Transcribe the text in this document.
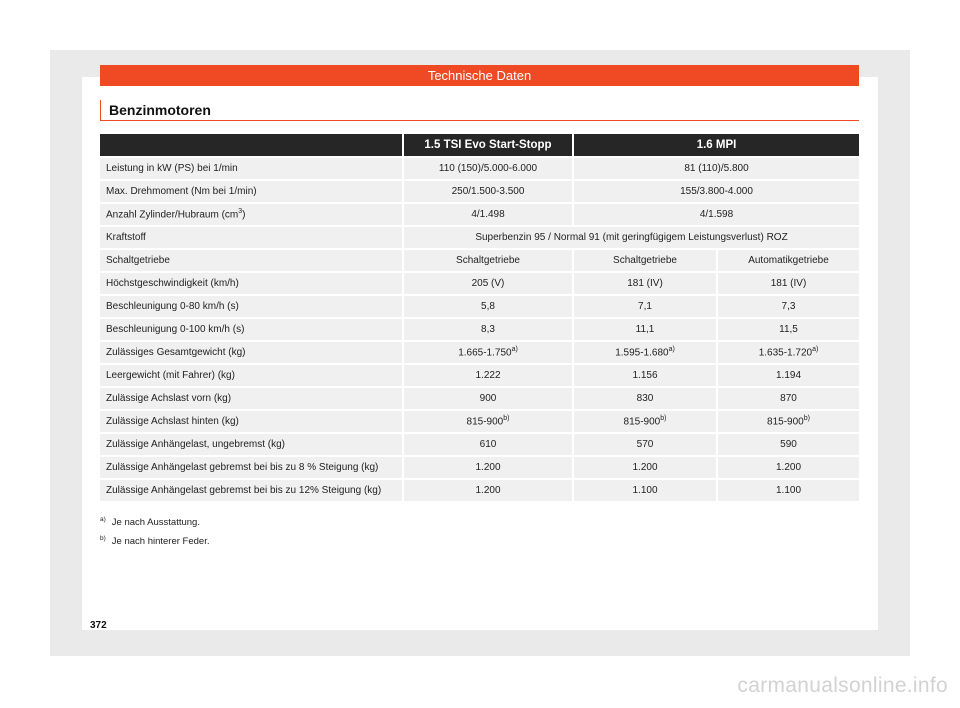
Technische Daten
Benzinmotoren
	1.5 TSI Evo Start-Stopp	1.6 MPI	
Leistung in kW (PS) bei 1/min	110 (150)/5.000-6.000	81 (110)/5.800	
Max. Drehmoment (Nm bei 1/min)	250/1.500-3.500	155/3.800-4.000	
Anzahl Zylinder/Hubraum $(cm^3)$	4/1.498	4/1.598	
Kraftstoff	Superbenzin 95 / Normal 91 (mit geringfügigem Leistungsverlust) ROZ		
Schaltgetriebe	Schaltgetriebe	Schaltgetriebe	Automatikgetriebe
Höchstgeschwindigkeit (km/h)	205 (V)	181 (IV)	181 (IV)
Beschleunigung 0-80 km/h (s)	5,8	7,1	7,3
Beschleunigung 0-100 km/h (s)	8,3	11,1	11,5
Zulässiges Gesamtgewicht (kg)	1.665-1.750$^{a)}$	1.595-1.680$^{a)}$	1.635-1.720$^{a)}$
Leergewicht (mit Fahrer) (kg)	1.222	1.156	1.194
Zulässige Achslast vorn (kg)	900	830	870
Zulässige Achslast hinten (kg)	815-900$^{b)}$	815-900$^{b)}$	815-900$^{b)}$
Zulässige Anhängelast, ungebremst (kg)	610	570	590
Zulässige Anhängelast gebremst bei bis zu 8 % Steigung (kg)	1.200	1.200	1.200
Zulässige Anhängelast gebremst bei bis zu 12% Steigung (kg)	1.200	1.100	1.100
$^{a)}$ Je nach Ausstattung.
$^{b)}$ Je nach hinterer Feder.
372
carmanualsonline.info
